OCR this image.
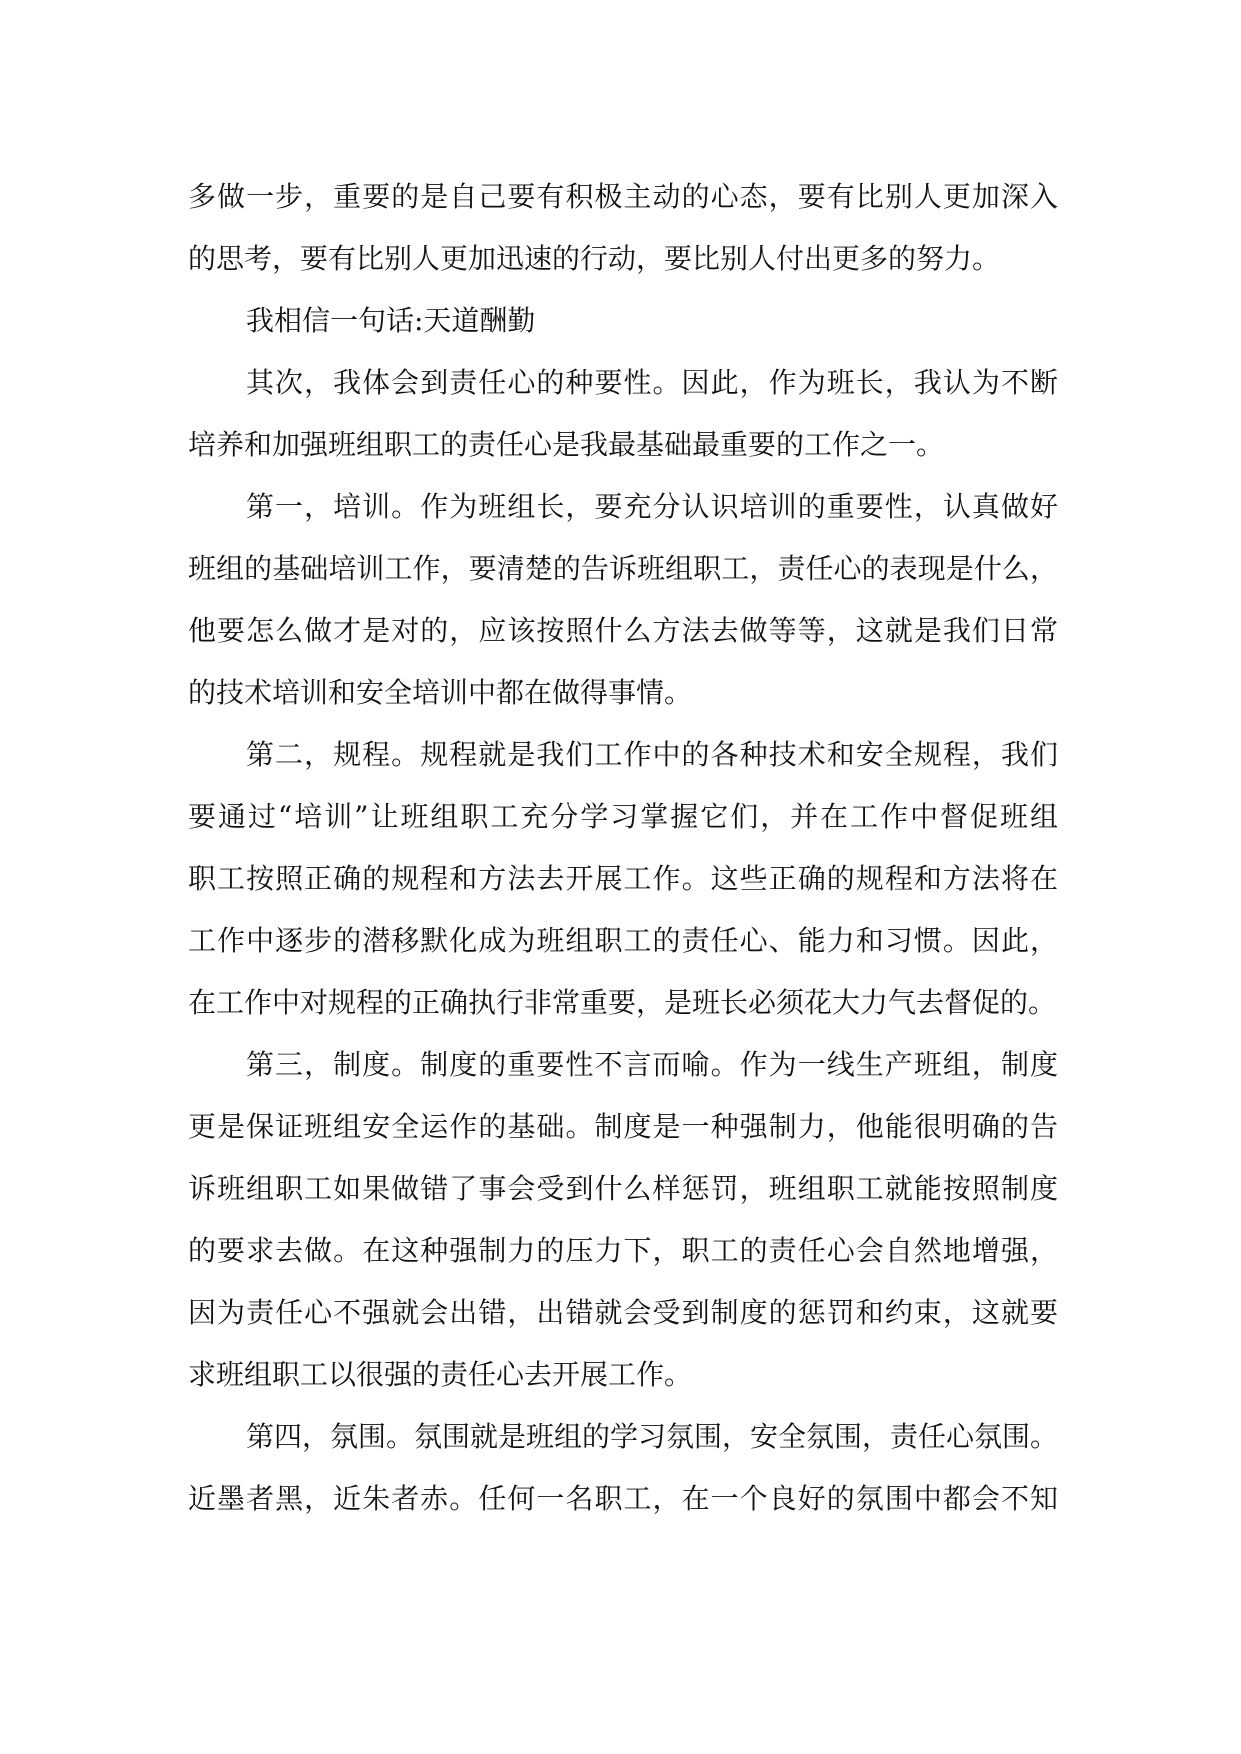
多做一步，重要的是自己要有积极主动的心态，要有比别人更加深入
的思考，要有比别人更加迅速的行动，要比别人付出更多的努力。
我相信一句话:天道酬勤
其次，我体会到责任心的种要性。因此，作为班长，我认为不断
培养和加强班组职工的责任心是我最基础最重要的工作之一。
第一，培训。作为班组长，要充分认识培训的重要性，认真做好
班组的基础培训工作，要清楚的告诉班组职工，责任心的表现是什么，
他要怎么做才是对的，应该按照什么方法去做等等，这就是我们日常
的技术培训和安全培训中都在做得事情。
第二，规程。规程就是我们工作中的各种技术和安全规程，我们
要通过“培训”让班组职工充分学习掌握它们，并在工作中督促班组
职工按照正确的规程和方法去开展工作。这些正确的规程和方法将在
工作中逐步的潜移默化成为班组职工的责任心、能力和习惯。因此，
在工作中对规程的正确执行非常重要，是班长必须花大力气去督促的。
第三，制度。制度的重要性不言而喻。作为一线生产班组，制度
更是保证班组安全运作的基础。制度是一种强制力，他能很明确的告
诉班组职工如果做错了事会受到什么样惩罚，班组职工就能按照制度
的要求去做。在这种强制力的压力下，职工的责任心会自然地增强，
因为责任心不强就会出错，出错就会受到制度的惩罚和约束，这就要
求班组职工以很强的责任心去开展工作。
第四，氛围。氛围就是班组的学习氛围，安全氛围，责任心氛围。
近墨者黑，近朱者赤。任何一名职工，在一个良好的氛围中都会不知
